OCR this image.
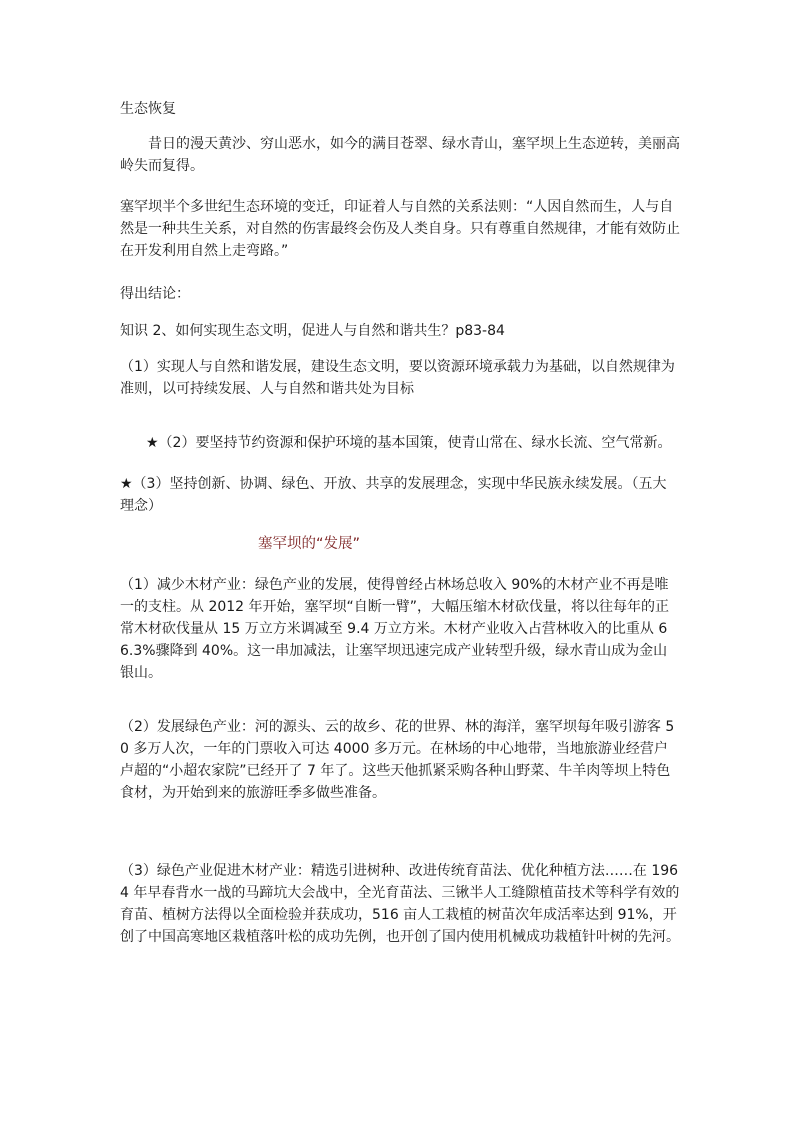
生态恢复

昔日的漫天黄沙、穷山恶水，如今的满目苍翠、绿水青山，塞罕坝上生态逆转，美丽高岭失而复得。

塞罕坝半个多世纪生态环境的变迁，印证着人与自然的关系法则：“人因自然而生，人与自然是一种共生关系，对自然的伤害最终会伤及人类自身。只有尊重自然规律，才能有效防止在开发利用自然上走弯路。”

得出结论：

知识 2、如何实现生态文明，促进人与自然和谐共生？p83-84

（1）实现人与自然和谐发展，建设生态文明，要以资源环境承载力为基础，以自然规律为准则，以可持续发展、人与自然和谐共处为目标

★（2）要坚持节约资源和保护环境的基本国策，使青山常在、绿水长流、空气常新。

★（3）坚持创新、协调、绿色、开放、共享的发展理念，实现中华民族永续发展。（五大理念）

塞罕坝的“发展”

（1）减少木材产业：绿色产业的发展，使得曾经占林场总收入 90%的木材产业不再是唯一的支柱。从 2012 年开始，塞罕坝“自断一臂”，大幅压缩木材砍伐量，将以往每年的正常木材砍伐量从 15 万立方米调减至 9.4 万立方米。木材产业收入占营林收入的比重从 66.3%骤降到 40%。这一串加减法，让塞罕坝迅速完成产业转型升级，绿水青山成为金山银山。

（2）发展绿色产业：河的源头、云的故乡、花的世界、林的海洋，塞罕坝每年吸引游客 50 多万人次，一年的门票收入可达 4000 多万元。在林场的中心地带，当地旅游业经营户卢超的“小超农家院”已经开了 7 年了。这些天他抓紧采购各种山野菜、牛羊肉等坝上特色食材，为开始到来的旅游旺季多做些准备。

（3）绿色产业促进木材产业：精选引进树种、改进传统育苗法、优化种植方法……在 1964 年早春背水一战的马蹄坑大会战中，全光育苗法、三锹半人工缝隙植苗技术等科学有效的育苗、植树方法得以全面检验并获成功，516 亩人工栽植的树苗次年成活率达到 91%，开创了中国高寒地区栽植落叶松的成功先例，也开创了国内使用机械成功栽植针叶树的先河。
